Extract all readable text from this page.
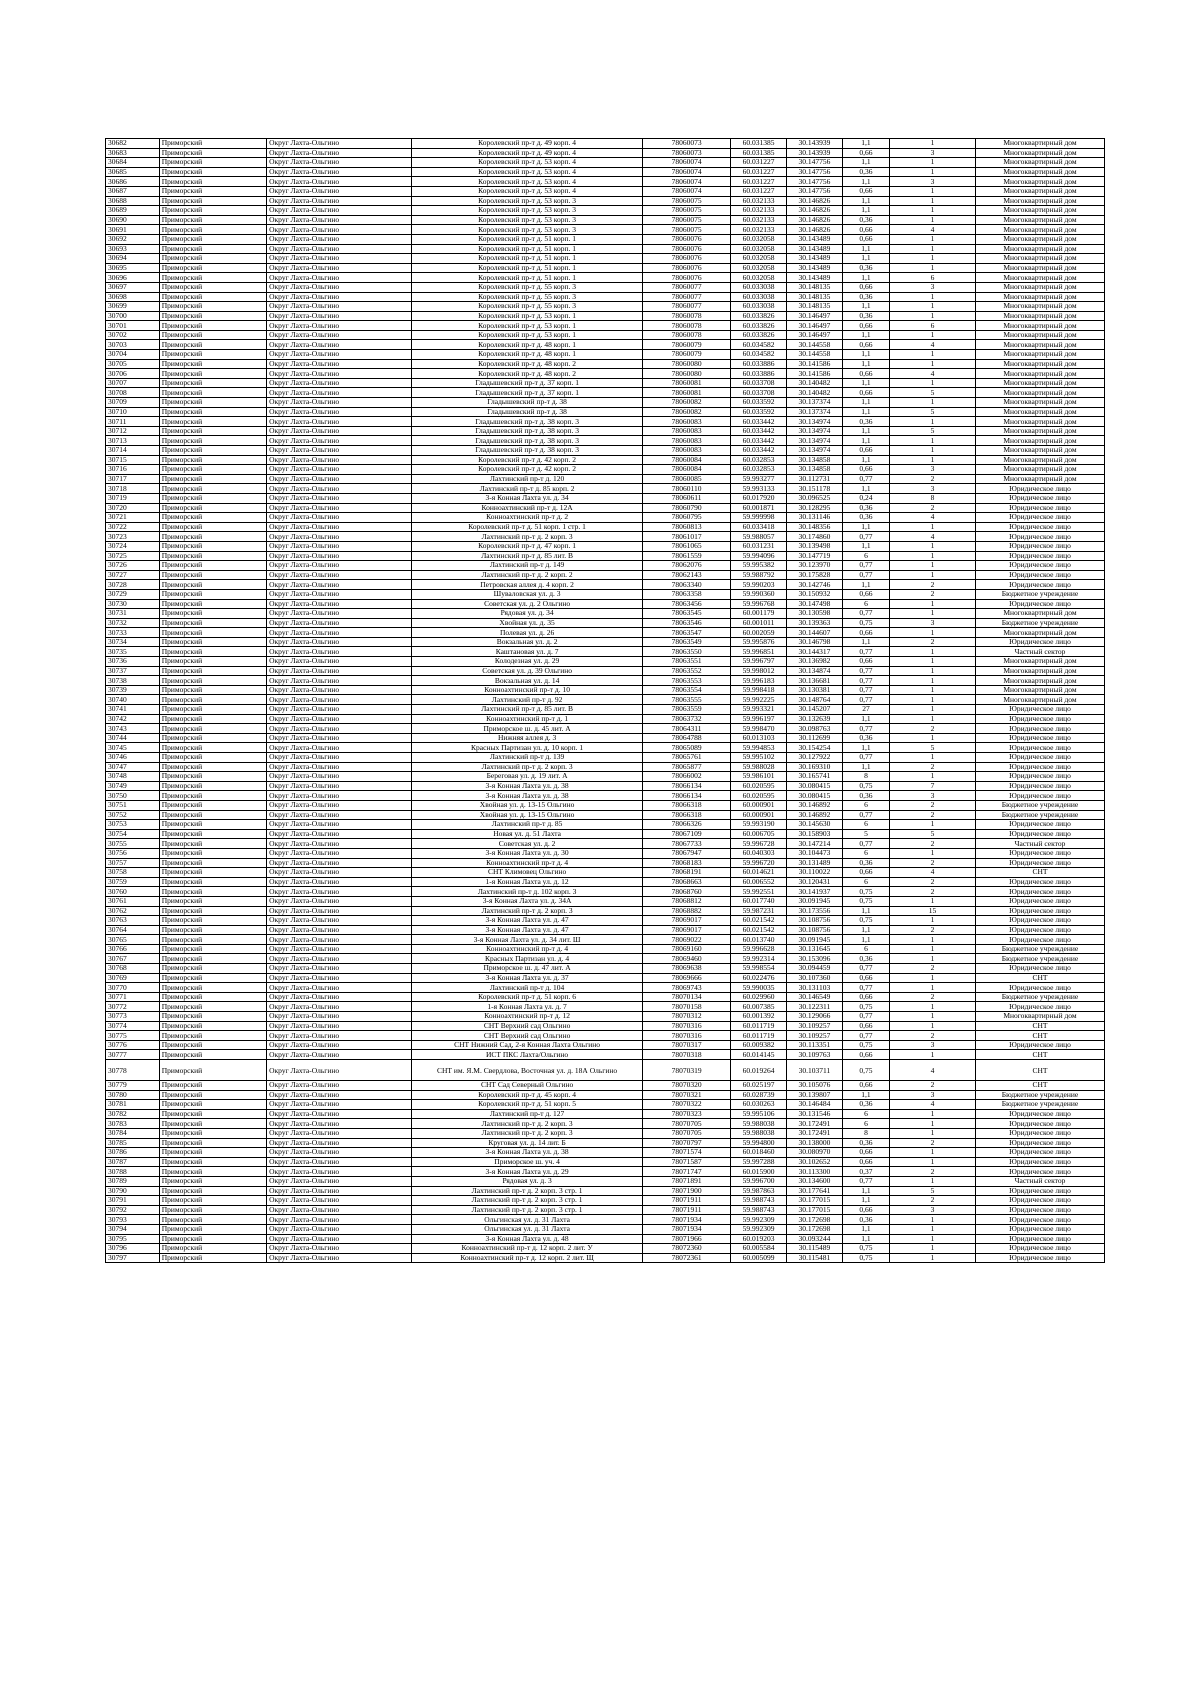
30682	Приморский	Округ Лахта-Ольгино	Королевский пр-т д. 49 корп. 4	78060073	60.031385	30.143939	1,1	1	Многоквартирный дом
30683	Приморский	Округ Лахта-Ольгино	Королевский пр-т д. 49 корп. 4	78060073	60.031385	30.143939	0,66	3	Многоквартирный дом
30684	Приморский	Округ Лахта-Ольгино	Королевский пр-т д. 53 корп. 4	78060074	60.031227	30.147756	1,1	1	Многоквартирный дом
30685	Приморский	Округ Лахта-Ольгино	Королевский пр-т д. 53 корп. 4	78060074	60.031227	30.147756	0,36	1	Многоквартирный дом
30686	Приморский	Округ Лахта-Ольгино	Королевский пр-т д. 53 корп. 4	78060074	60.031227	30.147756	1,1	3	Многоквартирный дом
30687	Приморский	Округ Лахта-Ольгино	Королевский пр-т д. 53 корп. 4	78060074	60.031227	30.147756	0,66	1	Многоквартирный дом
30688	Приморский	Округ Лахта-Ольгино	Королевский пр-т д. 53 корп. 3	78060075	60.032133	30.146826	1,1	1	Многоквартирный дом
30689	Приморский	Округ Лахта-Ольгино	Королевский пр-т д. 53 корп. 3	78060075	60.032133	30.146826	1,1	1	Многоквартирный дом
30690	Приморский	Округ Лахта-Ольгино	Королевский пр-т д. 53 корп. 3	78060075	60.032133	30.146826	0,36	1	Многоквартирный дом
30691	Приморский	Округ Лахта-Ольгино	Королевский пр-т д. 53 корп. 3	78060075	60.032133	30.146826	0,66	4	Многоквартирный дом
30692	Приморский	Округ Лахта-Ольгино	Королевский пр-т д. 51 корп. 1	78060076	60.032058	30.143489	0,66	1	Многоквартирный дом
30693	Приморский	Округ Лахта-Ольгино	Королевский пр-т д. 51 корп. 1	78060076	60.032058	30.143489	1,1	1	Многоквартирный дом
30694	Приморский	Округ Лахта-Ольгино	Королевский пр-т д. 51 корп. 1	78060076	60.032058	30.143489	1,1	1	Многоквартирный дом
30695	Приморский	Округ Лахта-Ольгино	Королевский пр-т д. 51 корп. 1	78060076	60.032058	30.143489	0,36	1	Многоквартирный дом
30696	Приморский	Округ Лахта-Ольгино	Королевский пр-т д. 51 корп. 1	78060076	60.032058	30.143489	1,1	6	Многоквартирный дом
30697	Приморский	Округ Лахта-Ольгино	Королевский пр-т д. 55 корп. 3	78060077	60.033038	30.148135	0,66	3	Многоквартирный дом
30698	Приморский	Округ Лахта-Ольгино	Королевский пр-т д. 55 корп. 3	78060077	60.033038	30.148135	0,36	1	Многоквартирный дом
30699	Приморский	Округ Лахта-Ольгино	Королевский пр-т д. 55 корп. 3	78060077	60.033038	30.148135	1,1	1	Многоквартирный дом
30700	Приморский	Округ Лахта-Ольгино	Королевский пр-т д. 53 корп. 1	78060078	60.033826	30.146497	0,36	1	Многоквартирный дом
30701	Приморский	Округ Лахта-Ольгино	Королевский пр-т д. 53 корп. 1	78060078	60.033826	30.146497	0,66	6	Многоквартирный дом
30702	Приморский	Округ Лахта-Ольгино	Королевский пр-т д. 53 корп. 1	78060078	60.033826	30.146497	1,1	1	Многоквартирный дом
30703	Приморский	Округ Лахта-Ольгино	Королевский пр-т д. 48 корп. 1	78060079	60.034582	30.144558	0,66	4	Многоквартирный дом
30704	Приморский	Округ Лахта-Ольгино	Королевский пр-т д. 48 корп. 1	78060079	60.034582	30.144558	1,1	1	Многоквартирный дом
30705	Приморский	Округ Лахта-Ольгино	Королевский пр-т д. 48 корп. 2	78060080	60.033886	30.141586	1,1	1	Многоквартирный дом
30706	Приморский	Округ Лахта-Ольгино	Королевский пр-т д. 48 корп. 2	78060080	60.033886	30.141586	0,66	4	Многоквартирный дом
30707	Приморский	Округ Лахта-Ольгино	Гладышевский пр-т д. 37 корп. 1	78060081	60.033708	30.140482	1,1	1	Многоквартирный дом
30708	Приморский	Округ Лахта-Ольгино	Гладышевский пр-т д. 37 корп. 1	78060081	60.033708	30.140482	0,66	5	Многоквартирный дом
30709	Приморский	Округ Лахта-Ольгино	Гладышевский пр-т д. 38	78060082	60.033592	30.137374	1,1	1	Многоквартирный дом
30710	Приморский	Округ Лахта-Ольгино	Гладышевский пр-т д. 38	78060082	60.033592	30.137374	1,1	5	Многоквартирный дом
30711	Приморский	Округ Лахта-Ольгино	Гладышевский пр-т д. 38 корп. 3	78060083	60.033442	30.134974	0,36	1	Многоквартирный дом
30712	Приморский	Округ Лахта-Ольгино	Гладышевский пр-т д. 38 корп. 3	78060083	60.033442	30.134974	1,1	5	Многоквартирный дом
30713	Приморский	Округ Лахта-Ольгино	Гладышевский пр-т д. 38 корп. 3	78060083	60.033442	30.134974	1,1	1	Многоквартирный дом
30714	Приморский	Округ Лахта-Ольгино	Гладышевский пр-т д. 38 корп. 3	78060083	60.033442	30.134974	0,66	1	Многоквартирный дом
30715	Приморский	Округ Лахта-Ольгино	Королевский пр-т д. 42 корп. 2	78060084	60.032853	30.134858	1,1	1	Многоквартирный дом
30716	Приморский	Округ Лахта-Ольгино	Королевский пр-т д. 42 корп. 2	78060084	60.032853	30.134858	0,66	3	Многоквартирный дом
30717	Приморский	Округ Лахта-Ольгино	Лахтинский пр-т д. 120	78060085	59.993277	30.112731	0,77	2	Многоквартирный дом
30718	Приморский	Округ Лахта-Ольгино	Лахтинский пр-т д. 85 корп. 2	78060110	59.993133	30.151178	1,1	3	Юридическое лицо
30719	Приморский	Округ Лахта-Ольгино	3-я Конная Лахта ул. д. 34	78060611	60.017920	30.096525	0,24	8	Юридическое лицо
30720	Приморский	Округ Лахта-Ольгино	Конноахтинский пр-т д. 12А	78060790	60.001871	30.128295	0,36	2	Юридическое лицо
30721	Приморский	Округ Лахта-Ольгино	Конноахтинский пр-т д. 2	78060795	59.999998	30.131146	0,36	4	Юридическое лицо
30722	Приморский	Округ Лахта-Ольгино	Королевский пр-т д. 51 корп. 1 стр. 1	78060813	60.033418	30.148356	1,1	1	Юридическое лицо
30723	Приморский	Округ Лахта-Ольгино	Лахтинский пр-т д. 2 корп. 3	78061017	59.988057	30.174860	0,77	4	Юридическое лицо
30724	Приморский	Округ Лахта-Ольгино	Королевский пр-т д. 47 корп. 1	78061065	60.031231	30.139498	1,1	1	Юридическое лицо
30725	Приморский	Округ Лахта-Ольгино	Лахтинский пр-т д. 85 лит. В	78061559	59.994096	30.147719	6	1	Юридическое лицо
30726	Приморский	Округ Лахта-Ольгино	Лахтинский пр-т д. 149	78062076	59.995382	30.123970	0,77	1	Юридическое лицо
30727	Приморский	Округ Лахта-Ольгино	Лахтинский пр-т д. 2 корп. 2	78062143	59.988792	30.175828	0,77	1	Юридическое лицо
30728	Приморский	Округ Лахта-Ольгино	Петровская аллея д. 4 корп. 2	78063340	59.990203	30.142746	1,1	2	Юридическое лицо
30729	Приморский	Округ Лахта-Ольгино	Шуваловская ул. д. 3	78063358	59.990360	30.150932	0,66	2	Бюджетное учреждение
30730	Приморский	Округ Лахта-Ольгино	Советская ул. д. 2 Ольгино	78063456	59.996768	30.147498	6	1	Юридическое лицо
30731	Приморский	Округ Лахта-Ольгино	Рядовая ул. д. 34	78063545	60.001179	30.130598	0,77	1	Многоквартирный дом
30732	Приморский	Округ Лахта-Ольгино	Хвойная ул. д. 35	78063546	60.001011	30.139363	0,75	3	Бюджетное учреждение
30733	Приморский	Округ Лахта-Ольгино	Полевая ул. д. 26	78063547	60.002059	30.144607	0,66	1	Многоквартирный дом
30734	Приморский	Округ Лахта-Ольгино	Вокзальная ул. д. 2	78063549	59.995876	30.146798	1,1	2	Юридическое лицо
30735	Приморский	Округ Лахта-Ольгино	Каштановая ул. д. 7	78063550	59.996851	30.144317	0,77	1	Частный сектор
30736	Приморский	Округ Лахта-Ольгино	Колодезная ул. д. 29	78063551	59.996797	30.136982	0,66	1	Многоквартирный дом
30737	Приморский	Округ Лахта-Ольгино	Советская ул. д. 39 Ольгино	78063552	59.998012	30.134874	0,77	1	Многоквартирный дом
30738	Приморский	Округ Лахта-Ольгино	Вокзальная ул. д. 14	78063553	59.996183	30.136681	0,77	1	Многоквартирный дом
30739	Приморский	Округ Лахта-Ольгино	Конноахтинский пр-т д. 10	78063554	59.998418	30.130381	0,77	1	Многоквартирный дом
30740	Приморский	Округ Лахта-Ольгино	Лахтинский пр-т д. 92	78063555	59.992225	30.148764	0,77	1	Многоквартирный дом
30741	Приморский	Округ Лахта-Ольгино	Лахтинский пр-т д. 85 лит. В	78063559	59.993321	30.145207	27	1	Юридическое лицо
30742	Приморский	Округ Лахта-Ольгино	Конноахтинский пр-т д. 1	78063732	59.996197	30.132639	1,1	1	Юридическое лицо
30743	Приморский	Округ Лахта-Ольгино	Приморское ш. д. 45 лит. А	78064311	59.998470	30.098763	0,77	2	Юридическое лицо
30744	Приморский	Округ Лахта-Ольгино	Нижняя аллея д. 3	78064788	60.013103	30.112699	0,36	1	Юридическое лицо
30745	Приморский	Округ Лахта-Ольгино	Красных Партизан ул. д. 10 корп. 1	78065089	59.994853	30.154254	1,1	5	Юридическое лицо
30746	Приморский	Округ Лахта-Ольгино	Лахтинский пр-т д. 139	78065761	59.995102	30.127922	0,77	1	Юридическое лицо
30747	Приморский	Округ Лахта-Ольгино	Лахтинский пр-т д. 2 корп. 3	78065877	59.988028	30.169310	1,1	2	Юридическое лицо
30748	Приморский	Округ Лахта-Ольгино	Береговая ул. д. 19 лит. А	78066002	59.986101	30.165741	8	1	Юридическое лицо
30749	Приморский	Округ Лахта-Ольгино	3-я Конная Лахта ул. д. 38	78066134	60.020595	30.080415	0,75	7	Юридическое лицо
30750	Приморский	Округ Лахта-Ольгино	3-я Конная Лахта ул. д. 38	78066134	60.020595	30.080415	0,36	3	Юридическое лицо
30751	Приморский	Округ Лахта-Ольгино	Хвойная ул. д. 13-15 Ольгино	78066318	60.000901	30.146892	6	2	Бюджетное учреждение
30752	Приморский	Округ Лахта-Ольгино	Хвойная ул. д. 13-15 Ольгино	78066318	60.000901	30.146892	0,77	2	Бюджетное учреждение
30753	Приморский	Округ Лахта-Ольгино	Лахтинский пр-т д. 85	78066326	59.993190	30.145630	6	1	Юридическое лицо
30754	Приморский	Округ Лахта-Ольгино	Новая ул. д. 51 Лахта	78067109	60.006705	30.158903	5	5	Юридическое лицо
30755	Приморский	Округ Лахта-Ольгино	Советская ул. д. 2	78067733	59.996728	30.147214	0,77	2	Частный сектор
30756	Приморский	Округ Лахта-Ольгино	3-я Конная Лахта ул. д. 30	78067947	60.040303	30.104473	6	1	Юридическое лицо
30757	Приморский	Округ Лахта-Ольгино	Конноахтинский пр-т д. 4	78068183	59.996720	30.131489	0,36	2	Юридическое лицо
30758	Приморский	Округ Лахта-Ольгино	СНТ Климовец Ольгино	78068191	60.014621	30.110022	0,66	4	СНТ
30759	Приморский	Округ Лахта-Ольгино	1-я Конная Лахта ул. д. 12	78068663	60.006552	30.120431	6	2	Юридическое лицо
30760	Приморский	Округ Лахта-Ольгино	Лахтинский пр-т д. 102 корп. 3	78068760	59.992551	30.141937	0,75	2	Юридическое лицо
30761	Приморский	Округ Лахта-Ольгино	3-я Конная Лахта ул. д. 34А	78068812	60.017740	30.091945	0,75	1	Юридическое лицо
30762	Приморский	Округ Лахта-Ольгино	Лахтинский пр-т д. 2 корп. 3	78068882	59.987231	30.173556	1,1	15	Юридическое лицо
30763	Приморский	Округ Лахта-Ольгино	3-я Конная Лахта ул. д. 47	78069017	60.021542	30.108756	0,75	1	Юридическое лицо
30764	Приморский	Округ Лахта-Ольгино	3-я Конная Лахта ул. д. 47	78069017	60.021542	30.108756	1,1	2	Юридическое лицо
30765	Приморский	Округ Лахта-Ольгино	3-я Конная Лахта ул. д. 34 лит. Ш	78069022	60.013740	30.091945	1,1	1	Юридическое лицо
30766	Приморский	Округ Лахта-Ольгино	Конноахтинский пр-т д. 4	78069160	59.996628	30.131645	6	1	Бюджетное учреждение
30767	Приморский	Округ Лахта-Ольгино	Красных Партизан ул. д. 4	78069460	59.992314	30.153096	0,36	1	Бюджетное учреждение
30768	Приморский	Округ Лахта-Ольгино	Приморское ш. д. 47 лит. А	78069638	59.998554	30.094459	0,77	2	Юридическое лицо
30769	Приморский	Округ Лахта-Ольгино	3-я Конная Лахта ул. д. 37	78069666	60.022476	30.107360	0,66	1	СНТ
30770	Приморский	Округ Лахта-Ольгино	Лахтинский пр-т д. 104	78069743	59.990035	30.131103	0,77	1	Юридическое лицо
30771	Приморский	Округ Лахта-Ольгино	Королевский пр-т д. 51 корп. 6	78070134	60.029960	30.146549	0,66	2	Бюджетное учреждение
30772	Приморский	Округ Лахта-Ольгино	1-я Конная Лахта ул. д. 7	78070158	60.007385	30.122311	0,75	1	Юридическое лицо
30773	Приморский	Округ Лахта-Ольгино	Конноахтинский пр-т д. 12	78070312	60.001392	30.129066	0,77	1	Многоквартирный дом
30774	Приморский	Округ Лахта-Ольгино	СНТ Верхний сад Ольгино	78070316	60.011719	30.109257	0,66	1	СНТ
30775	Приморский	Округ Лахта-Ольгино	СНТ Верхний сад Ольгино	78070316	60.011719	30.109257	0,77	2	СНТ
30776	Приморский	Округ Лахта-Ольгино	СНТ Нижний Сад, 2-я Конная Лахта Ольгино	78070317	60.009382	30.113351	0,75	3	Юридическое лицо
30777	Приморский	Округ Лахта-Ольгино	ИСТ ПКС Лахта/Ольгино	78070318	60.014145	30.109763	0,66	1	СНТ
30778	Приморский	Округ Лахта-Ольгино	СНТ им. Я.М. Свердлова, Восточная ул. д. 18А Ольгино	78070319	60.019264	30.103711	0,75	4	СНТ
30779	Приморский	Округ Лахта-Ольгино	СНТ Сад Северный Ольгино	78070320	60.025197	30.105076	0,66	2	СНТ
30780	Приморский	Округ Лахта-Ольгино	Королевский пр-т д. 45 корп. 4	78070321	60.028739	30.139807	1,1	3	Бюджетное учреждение
30781	Приморский	Округ Лахта-Ольгино	Королевский пр-т д. 51 корп. 5	78070322	60.030263	30.146484	0,36	4	Бюджетное учреждение
30782	Приморский	Округ Лахта-Ольгино	Лахтинский пр-т д. 127	78070323	59.995106	30.131546	6	1	Юридическое лицо
30783	Приморский	Округ Лахта-Ольгино	Лахтинский пр-т д. 2 корп. 3	78070705	59.988038	30.172491	6	1	Юридическое лицо
30784	Приморский	Округ Лахта-Ольгино	Лахтинский пр-т д. 2 корп. 3	78070705	59.988038	30.172491	8	1	Юридическое лицо
30785	Приморский	Округ Лахта-Ольгино	Круговая ул. д. 14 лит. Б	78070797	59.994800	30.138000	0,36	2	Юридическое лицо
30786	Приморский	Округ Лахта-Ольгино	3-я Конная Лахта ул. д. 38	78071574	60.018460	30.080970	0,66	1	Юридическое лицо
30787	Приморский	Округ Лахта-Ольгино	Приморское ш. уч. 4	78071587	59.997288	30.102652	0,66	1	Юридическое лицо
30788	Приморский	Округ Лахта-Ольгино	3-я Конная Лахта ул. д. 29	78071747	60.015900	30.113300	0,37	2	Юридическое лицо
30789	Приморский	Округ Лахта-Ольгино	Рядовая ул. д. 3	78071891	59.996700	30.134600	0,77	1	Частный сектор
30790	Приморский	Округ Лахта-Ольгино	Лахтинский пр-т д. 2 корп. 3 стр. 1	78071900	59.987863	30.177641	1,1	5	Юридическое лицо
30791	Приморский	Округ Лахта-Ольгино	Лахтинский пр-т д. 2 корп. 3 стр. 1	78071911	59.988743	30.177015	1,1	2	Юридическое лицо
30792	Приморский	Округ Лахта-Ольгино	Лахтинский пр-т д. 2 корп. 3 стр. 1	78071911	59.988743	30.177015	0,66	3	Юридическое лицо
30793	Приморский	Округ Лахта-Ольгино	Ольгинская ул. д. 31 Лахта	78071934	59.992309	30.172698	0,36	1	Юридическое лицо
30794	Приморский	Округ Лахта-Ольгино	Ольгинская ул. д. 31 Лахта	78071934	59.992309	30.172698	1,1	1	Юридическое лицо
30795	Приморский	Округ Лахта-Ольгино	3-я Конная Лахта ул. д. 48	78071966	60.019203	30.093244	1,1	1	Юридическое лицо
30796	Приморский	Округ Лахта-Ольгино	Конноахтинский пр-т д. 12 корп. 2 лит. У	78072360	60.005584	30.115489	0,75	1	Юридическое лицо
30797	Приморский	Округ Лахта-Ольгино	Конноахтинский пр-т д. 12 корп. 2 лит. Щ	78072361	60.005099	30.115481	0,75	1	Юридическое лицо
